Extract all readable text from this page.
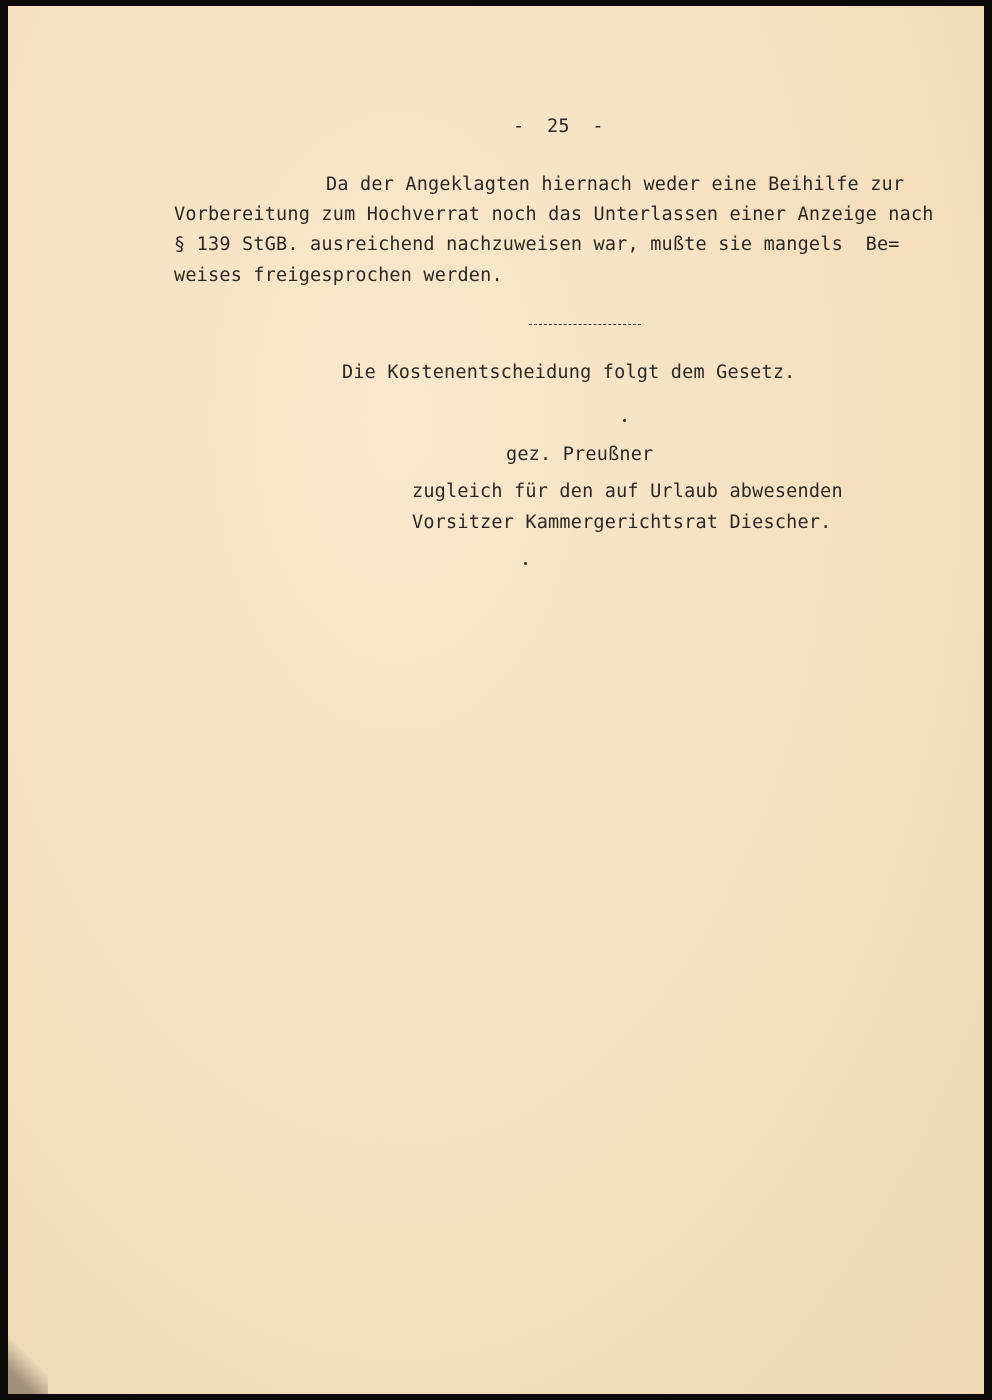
-  25  -

Da der Angeklagten hiernach weder eine Beihilfe zur

Vorbereitung zum Hochverrat noch das Unterlassen einer Anzeige nach

§ 139 StGB. ausreichend nachzuweisen war, mußte sie mangels  Be=

weises freigesprochen werden.

Die Kostenentscheidung folgt dem Gesetz.

gez. Preußner

zugleich für den auf Urlaub abwesenden

Vorsitzer Kammergerichtsrat Diescher.
